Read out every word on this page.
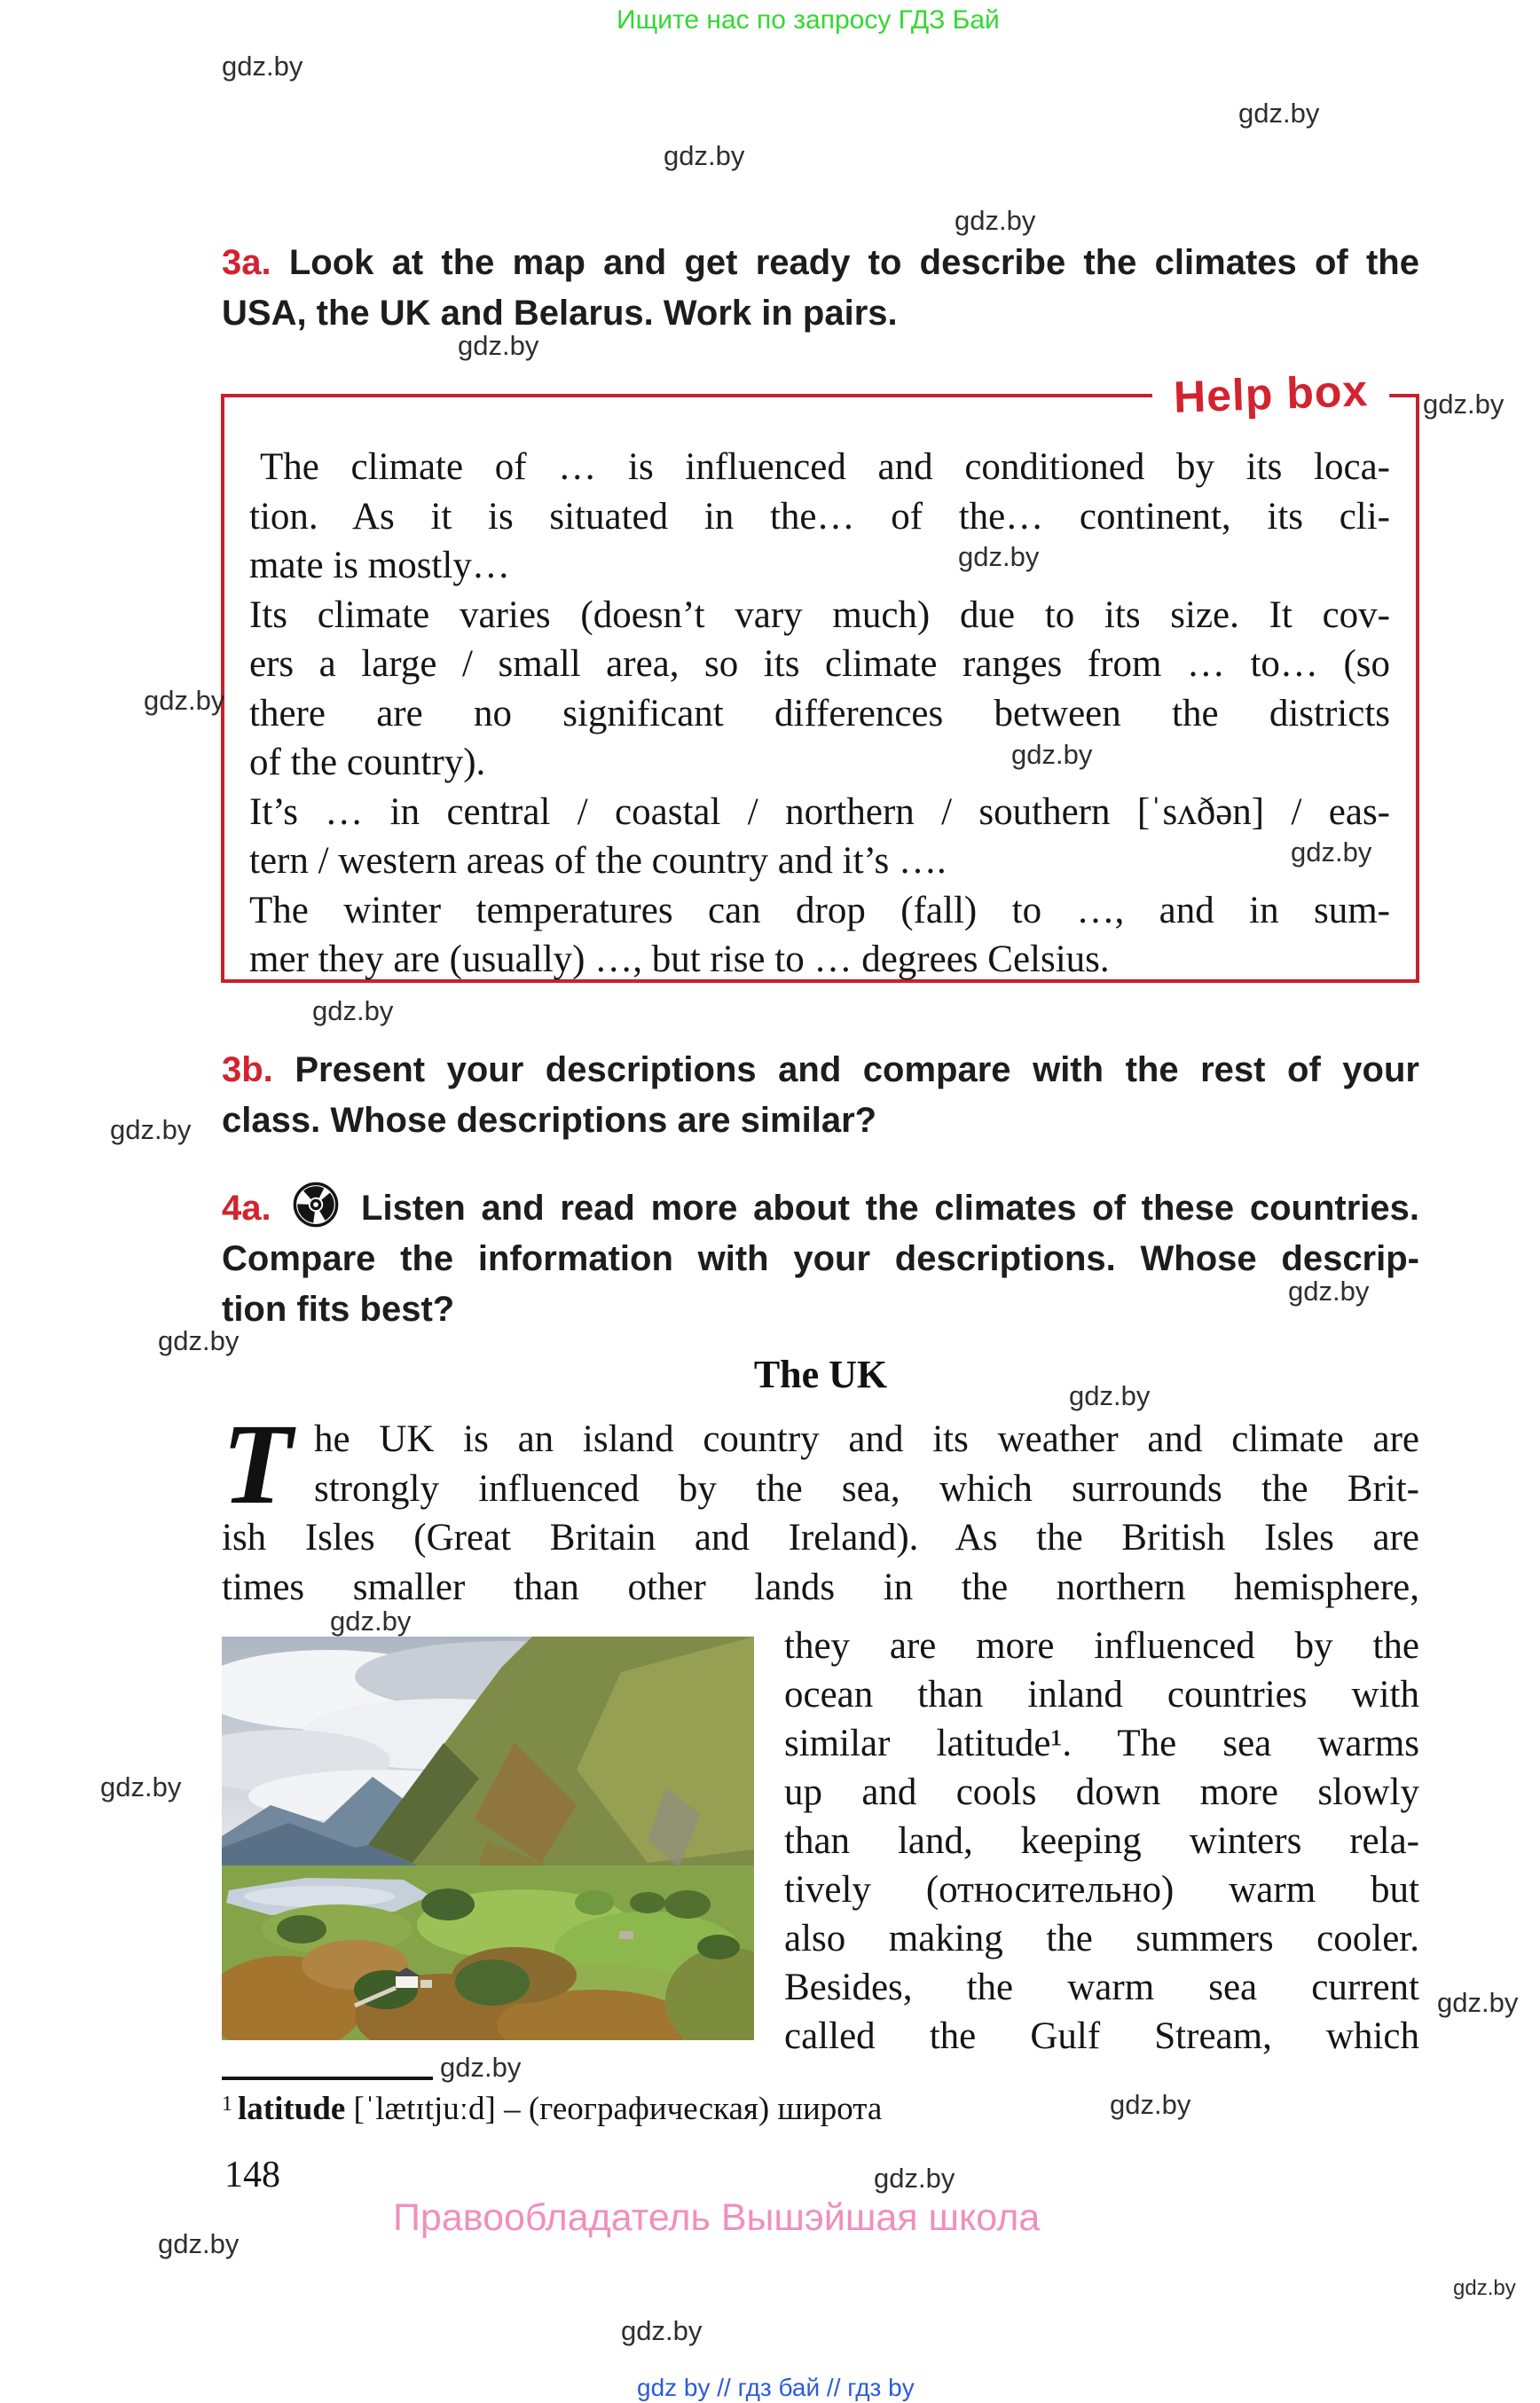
Ищите нас по запросу ГДЗ Бай
gdz.by
gdz.by
gdz.by
gdz.by
gdz.by
gdz.by
gdz.by
gdz.by
gdz.by
gdz.by
gdz.by
gdz.by
gdz.by
gdz.by
gdz.by
gdz.by
gdz.by
gdz.by
gdz.by
gdz.by
gdz.by
gdz.by
gdz.by
gdz.by
3a. Look at the map and get ready to describe the climates of the
USA, the UK and Belarus. Work in pairs.
Help box
The climate of … is influenced and conditioned by its loca-
tion. As it is situated in the… of the… continent, its cli-
mate is mostly…
Its climate varies (doesn’t vary much) due to its size. It cov-
ers a large / small area, so its climate ranges from … to… (so
there are no significant differences between the districts
of the country).
It’s … in central / coastal / northern / southern [ˈsʌðən] / eas-
tern / western areas of the country and it’s ….
The winter temperatures can drop (fall) to …, and in sum-
mer they are (usually) …, but rise to … degrees Celsius.
3b. Present your descriptions and compare with the rest of your
class. Whose descriptions are similar?
4a.	Listen and read more about the climates of these countries.
Compare the information with your descriptions. Whose descrip-
tion fits best?
The UK
T he UK is an island country and its weather and climate are
strongly influenced by the sea, which surrounds the Brit-
ish Isles (Great Britain and Ireland). As the British Isles are
times smaller than other lands in the northern hemisphere,
they are more influenced by the
ocean than inland countries with
similar latitude¹. The sea warms
up and cools down more slowly
than land, keeping winters rela-
tively (относительно) warm but
also making the summers cooler.
Besides, the warm sea current
called the Gulf Stream, which
$^1$ latitude [ˈlætɪtjuːd] – (географическая) широта
148
Правообладатель Вышэйшая школа
gdz by // гдз бай // гдз by
